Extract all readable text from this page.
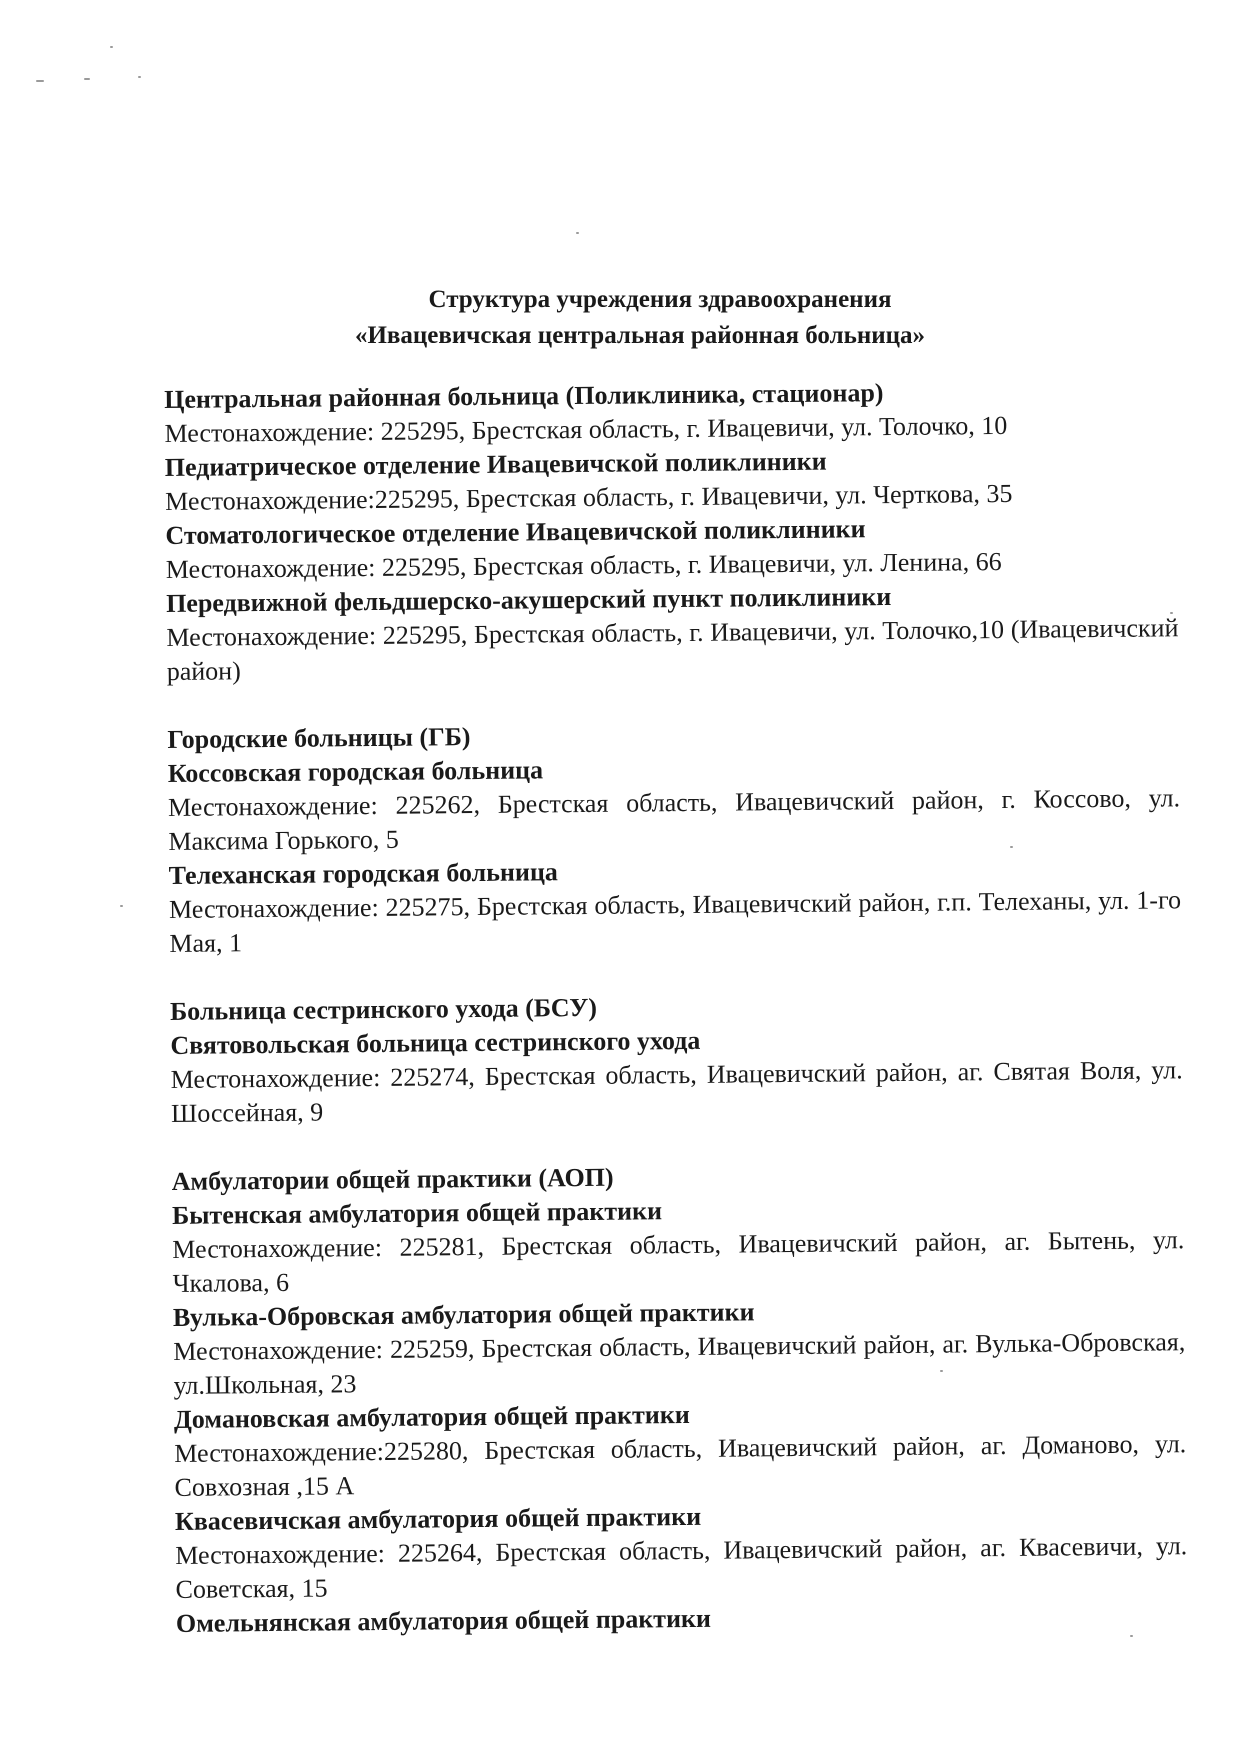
Структура учреждения здравоохранения
«Ивацевичская центральная районная больница»
Центральная районная больница (Поликлиника, стационар)
Местонахождение: 225295, Брестская область, г. Ивацевичи, ул. Толочко, 10
Педиатрическое отделение Ивацевичской поликлиники
Местонахождение:225295, Брестская область, г. Ивацевичи, ул. Черткова, 35
Стоматологическое отделение Ивацевичской поликлиники
Местонахождение: 225295, Брестская область, г. Ивацевичи, ул. Ленина, 66
Передвижной фельдшерско-акушерский пункт поликлиники
Местонахождение: 225295, Брестская область, г. Ивацевичи, ул. Толочко,10 (Ивацевичский район)
Городские больницы (ГБ)
Коссовская городская больница
Местонахождение: 225262, Брестская область, Ивацевичский район, г. Коссово, ул. Максима Горького, 5
Телеханская городская больница
Местонахождение: 225275, Брестская область, Ивацевичский район, г.п. Телеханы, ул. 1-го Мая, 1
Больница сестринского ухода (БСУ)
Святовольская больница сестринского ухода
Местонахождение: 225274, Брестская область, Ивацевичский район, аг. Святая Воля, ул. Шоссейная, 9
Амбулатории общей практики (АОП)
Бытенская амбулатория общей практики
Местонахождение: 225281, Брестская область, Ивацевичский район, аг. Бытень, ул. Чкалова, 6
Вулька-Обровская амбулатория общей практики
Местонахождение: 225259, Брестская область, Ивацевичский район, аг. Вулька-Обровская, ул.Школьная, 23
Домановская амбулатория общей практики
Местонахождение:225280, Брестская область, Ивацевичский район, аг. Доманово, ул. Совхозная ,15 А
Квасевичская амбулатория общей практики
Местонахождение: 225264, Брестская область, Ивацевичский район, аг. Квасевичи, ул. Советская, 15
Омельнянская амбулатория общей практики
